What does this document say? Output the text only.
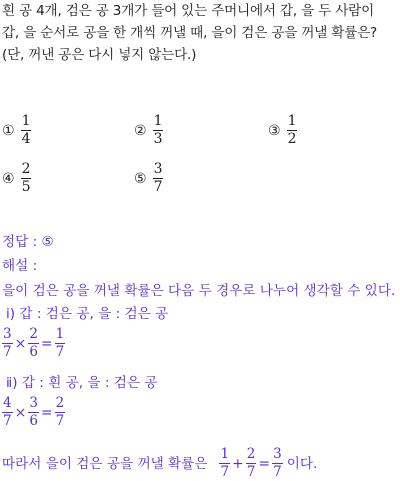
흰 공 4개, 검은 공 3개가 들어 있는 주머니에서 갑, 을 두 사람이
갑, 을 순서로 공을 한 개씩 꺼낼 때, 을이 검은 공을 꺼낼 확률은?
(단, 꺼낸 공은 다시 넣지 않는다.)
① $\frac{1}{4}$	② $\frac{1}{3}$	③ $\frac{1}{2}$
④ $\frac{2}{5}$	⑤ $\frac{3}{7}$
정답 : ⑤
해설 :
을이 검은 공을 꺼낼 확률은 다음 두 경우로 나누어 생각할 수 있다.
ⅰ) 갑 : 검은 공, 을 : 검은 공
$\frac{3}{7} \times \frac{2}{6} = \frac{1}{7}$
ⅱ) 갑 : 흰 공, 을 : 검은 공
$\frac{4}{7} \times \frac{3}{6} = \frac{2}{7}$
따라서 을이 검은 공을 꺼낼 확률은 $\frac{1}{7} + \frac{2}{7} = \frac{3}{7}$ 이다.
